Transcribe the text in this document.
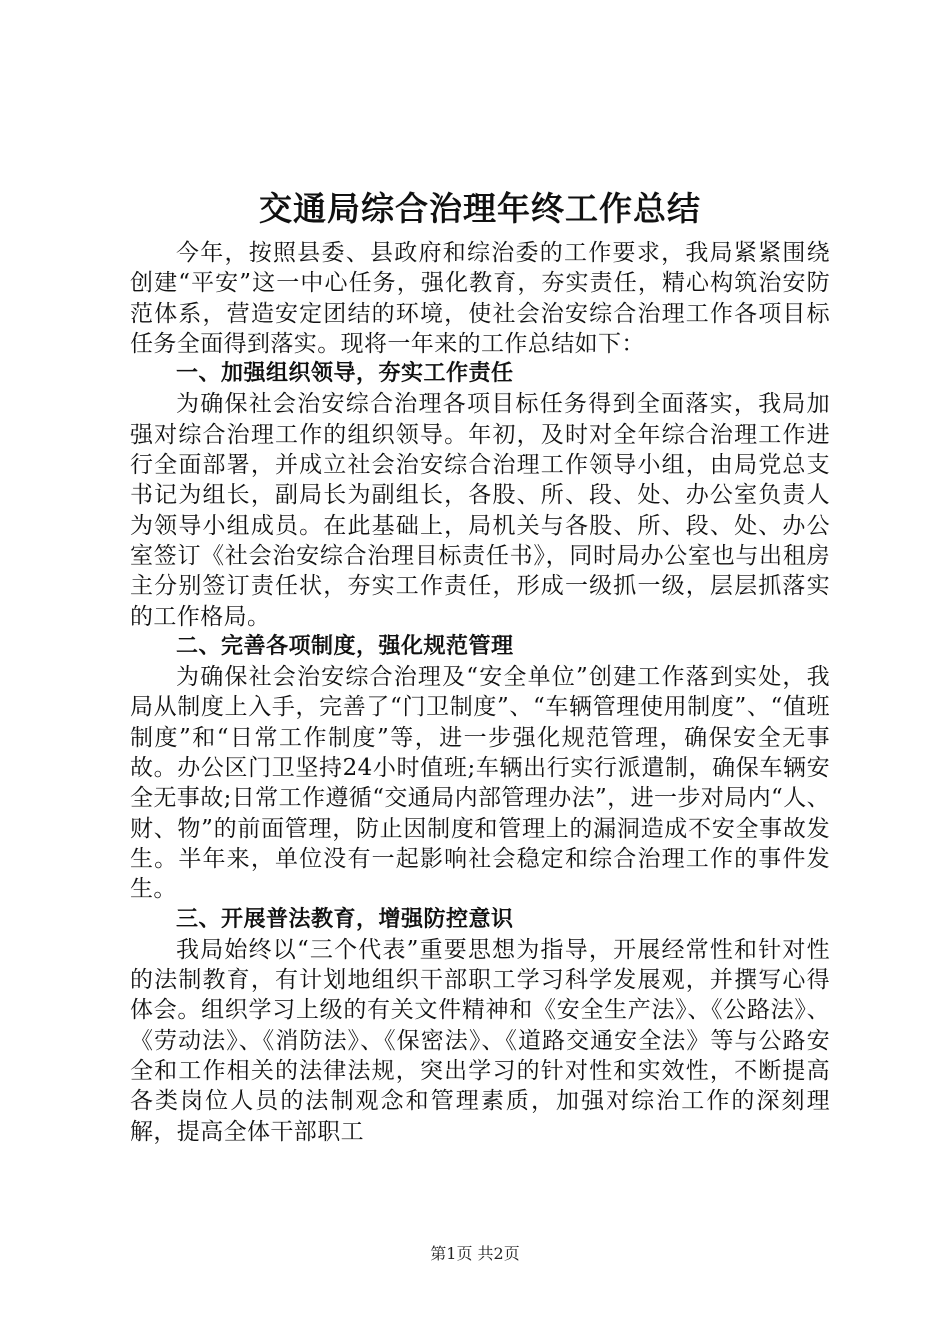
交通局综合治理年终工作总结

今年，按照县委、县政府和综治委的工作要求，我局紧紧围绕创建“平安”这一中心任务，强化教育，夯实责任，精心构筑治安防范体系，营造安定团结的环境，使社会治安综合治理工作各项目标任务全面得到落实。现将一年来的工作总结如下：

一、加强组织领导，夯实工作责任

为确保社会治安综合治理各项目标任务得到全面落实，我局加强对综合治理工作的组织领导。年初，及时对全年综合治理工作进行全面部署，并成立社会治安综合治理工作领导小组，由局党总支书记为组长，副局长为副组长，各股、所、段、处、办公室负责人为领导小组成员。在此基础上，局机关与各股、所、段、处、办公室签订《社会治安综合治理目标责任书》，同时局办公室也与出租房主分别签订责任状，夯实工作责任，形成一级抓一级，层层抓落实的工作格局。

二、完善各项制度，强化规范管理

为确保社会治安综合治理及“安全单位”创建工作落到实处，我局从制度上入手，完善了“门卫制度”、“车辆管理使用制度”、“值班制度”和“日常工作制度”等，进一步强化规范管理，确保安全无事故。办公区门卫坚持24小时值班;车辆出行实行派遣制，确保车辆安全无事故;日常工作遵循“交通局内部管理办法”，进一步对局内“人、财、物”的前面管理，防止因制度和管理上的漏洞造成不安全事故发生。半年来，单位没有一起影响社会稳定和综合治理工作的事件发生。

三、开展普法教育，增强防控意识

我局始终以“三个代表”重要思想为指导，开展经常性和针对性的法制教育，有计划地组织干部职工学习科学发展观，并撰写心得体会。组织学习上级的有关文件精神和《安全生产法》、《公路法》、《劳动法》、《消防法》、《保密法》、《道路交通安全法》等与公路安全和工作相关的法律法规，突出学习的针对性和实效性，不断提高各类岗位人员的法制观念和管理素质，加强对综治工作的深刻理解，提高全体干部职工

第1页 共2页
